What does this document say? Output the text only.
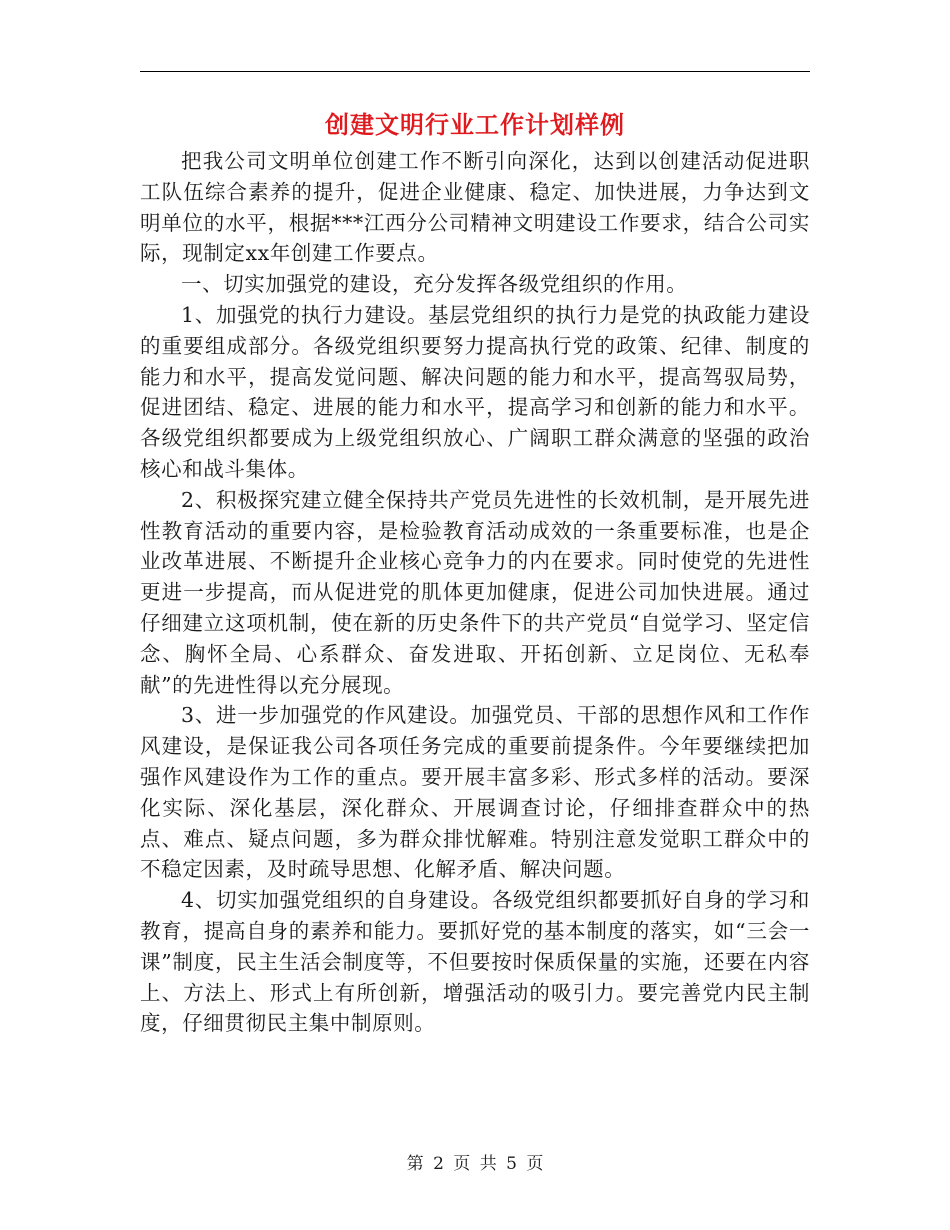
创建文明行业工作计划样例

把我公司文明单位创建工作不断引向深化，达到以创建活动促进职工队伍综合素养的提升，促进企业健康、稳定、加快进展，力争达到文明单位的水平，根据***江西分公司精神文明建设工作要求，结合公司实际，现制定xx年创建工作要点。

一、切实加强党的建设，充分发挥各级党组织的作用。

1、加强党的执行力建设。基层党组织的执行力是党的执政能力建设的重要组成部分。各级党组织要努力提高执行党的政策、纪律、制度的能力和水平，提高发觉问题、解决问题的能力和水平，提高驾驭局势，促进团结、稳定、进展的能力和水平，提高学习和创新的能力和水平。各级党组织都要成为上级党组织放心、广阔职工群众满意的坚强的政治核心和战斗集体。

2、积极探究建立健全保持共产党员先进性的长效机制，是开展先进性教育活动的重要内容，是检验教育活动成效的一条重要标准，也是企业改革进展、不断提升企业核心竞争力的内在要求。同时使党的先进性更进一步提高，而从促进党的肌体更加健康，促进公司加快进展。通过仔细建立这项机制，使在新的历史条件下的共产党员“自觉学习、坚定信念、胸怀全局、心系群众、奋发进取、开拓创新、立足岗位、无私奉献”的先进性得以充分展现。

3、进一步加强党的作风建设。加强党员、干部的思想作风和工作作风建设，是保证我公司各项任务完成的重要前提条件。今年要继续把加强作风建设作为工作的重点。要开展丰富多彩、形式多样的活动。要深化实际、深化基层，深化群众、开展调查讨论，仔细排查群众中的热点、难点、疑点问题，多为群众排忧解难。特别注意发觉职工群众中的不稳定因素，及时疏导思想、化解矛盾、解决问题。

4、切实加强党组织的自身建设。各级党组织都要抓好自身的学习和教育，提高自身的素养和能力。要抓好党的基本制度的落实，如“三会一课”制度，民主生活会制度等，不但要按时保质保量的实施，还要在内容上、方法上、形式上有所创新，增强活动的吸引力。要完善党内民主制度，仔细贯彻民主集中制原则。

第 2 页 共 5 页
